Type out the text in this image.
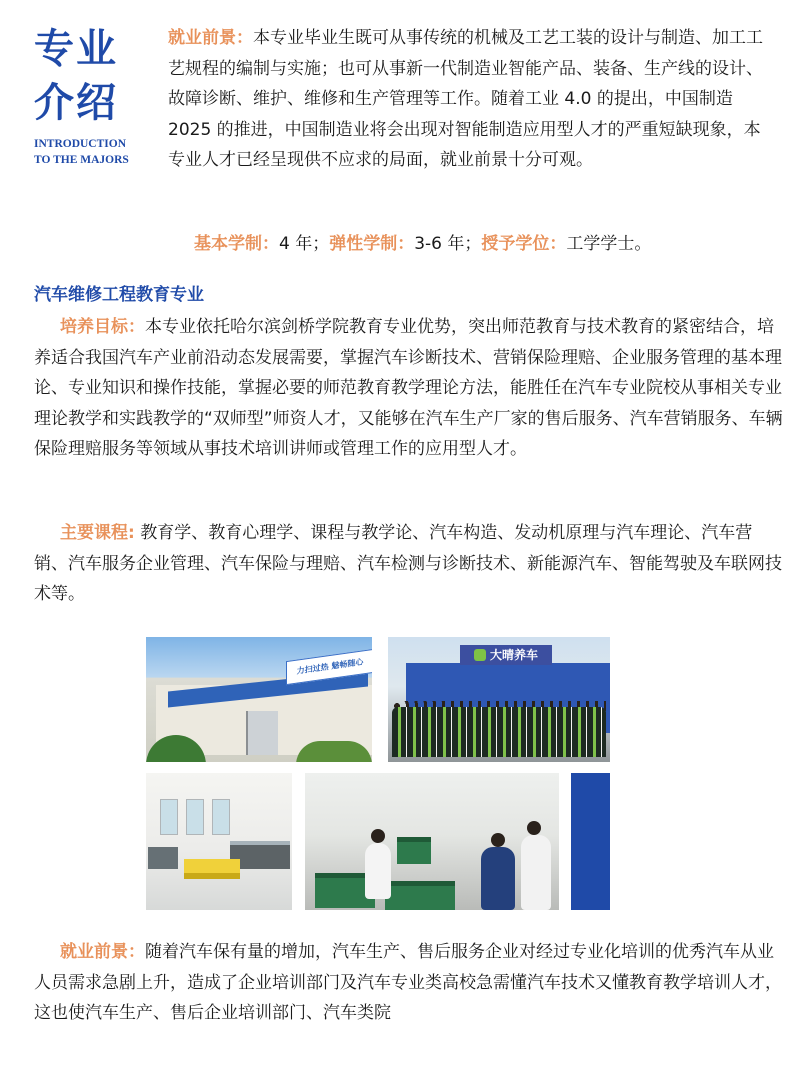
专业
介绍
INTRODUCTION
TO THE MAJORS
就业前景：本专业毕业生既可从事传统的机械及工艺工装的设计与制造、加工工艺规程的编制与实施；也可从事新一代制造业智能产品、装备、生产线的设计、故障诊断、维护、维修和生产管理等工作。随着工业 4.0 的提出，中国制造 2025 的推进，中国制造业将会出现对智能制造应用型人才的严重短缺现象，本专业人才已经呈现供不应求的局面，就业前景十分可观。
基本学制：4 年；弹性学制：3-6 年；授予学位：工学学士。
汽车维修工程教育专业
培养目标：本专业依托哈尔滨剑桥学院教育专业优势，突出师范教育与技术教育的紧密结合，培养适合我国汽车产业前沿动态发展需要，掌握汽车诊断技术、营销保险理赔、企业服务管理的基本理论、专业知识和操作技能，掌握必要的师范教育教学理论方法，能胜任在汽车专业院校从事相关专业理论教学和实践教学的“双师型”师资人才，又能够在汽车生产厂家的售后服务、汽车营销服务、车辆保险理赔服务等领域从事技术培训讲师或管理工作的应用型人才。
主要课程: 教育学、教育心理学、课程与教学论、汽车构造、发动机原理与汽车理论、汽车营销、汽车服务企业管理、汽车保险与理赔、汽车检测与诊断技术、新能源汽车、智能驾驶及车联网技术等。
力扫过热 魅畅随心
大晴养车
就业前景：随着汽车保有量的增加，汽车生产、售后服务企业对经过专业化培训的优秀汽车从业人员需求急剧上升，造成了企业培训部门及汽车专业类高校急需懂汽车技术又懂教育教学培训人才，这也使汽车生产、售后企业培训部门、汽车类院
